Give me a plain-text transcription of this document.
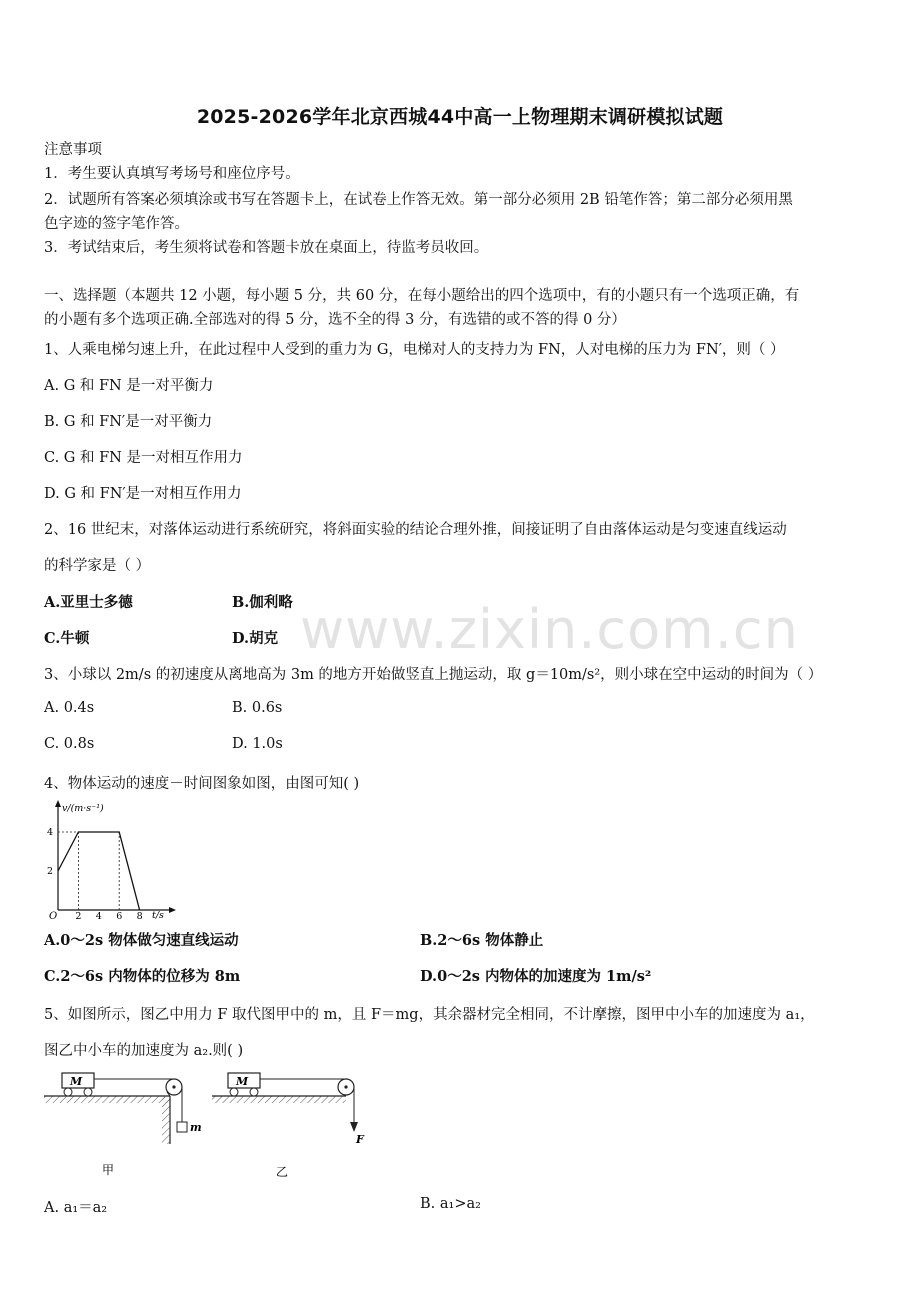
2025-2026学年北京西城44中高一上物理期末调研模拟试题
注意事项
1．考生要认真填写考场号和座位序号。
2．试题所有答案必须填涂或书写在答题卡上，在试卷上作答无效。第一部分必须用 2B 铅笔作答；第二部分必须用黑
色字迹的签字笔作答。
3．考试结束后，考生须将试卷和答题卡放在桌面上，待监考员收回。
一、选择题（本题共 12 小题，每小题 5 分，共 60 分，在每小题给出的四个选项中，有的小题只有一个选项正确，有
的小题有多个选项正确.全部选对的得 5 分，选不全的得 3 分，有选错的或不答的得 0 分）
1、人乘电梯匀速上升，在此过程中人受到的重力为 G，电梯对人的支持力为 FN，人对电梯的压力为 FN′，则（ ）
A. G 和 FN 是一对平衡力
B. G 和 FN′是一对平衡力
C. G 和 FN 是一对相互作用力
D. G 和 FN′是一对相互作用力
2、16 世纪末，对落体运动进行系统研究，将斜面实验的结论合理外推，间接证明了自由落体运动是匀变速直线运动
的科学家是（ ）
A.亚里士多德	B.伽利略
C.牛顿	D.胡克
3、小球以 2m/s 的初速度从离地高为 3m 的地方开始做竖直上抛运动，取 g＝10m/s²，则小球在空中运动的时间为（ ）
A. 0.4s	B. 0.6s
C. 0.8s	D. 1.0s
4、物体运动的速度－时间图象如图，由图可知( )
v/(m·s⁻¹)
t/s
O 2 4 6 8
2
4
A.0～2s 物体做匀速直线运动	B.2～6s 物体静止
C.2～6s 内物体的位移为 8m	D.0～2s 内物体的加速度为 1m/s²
5、如图所示，图乙中用力 F 取代图甲中的 m，且 F＝mg，其余器材完全相同，不计摩擦，图甲中小车的加速度为 a₁，
图乙中小车的加速度为 a₂.则( )
M
m
甲
M
F
乙
A. a₁＝a₂	B. a₁>a₂
www.zixin.com.cn
